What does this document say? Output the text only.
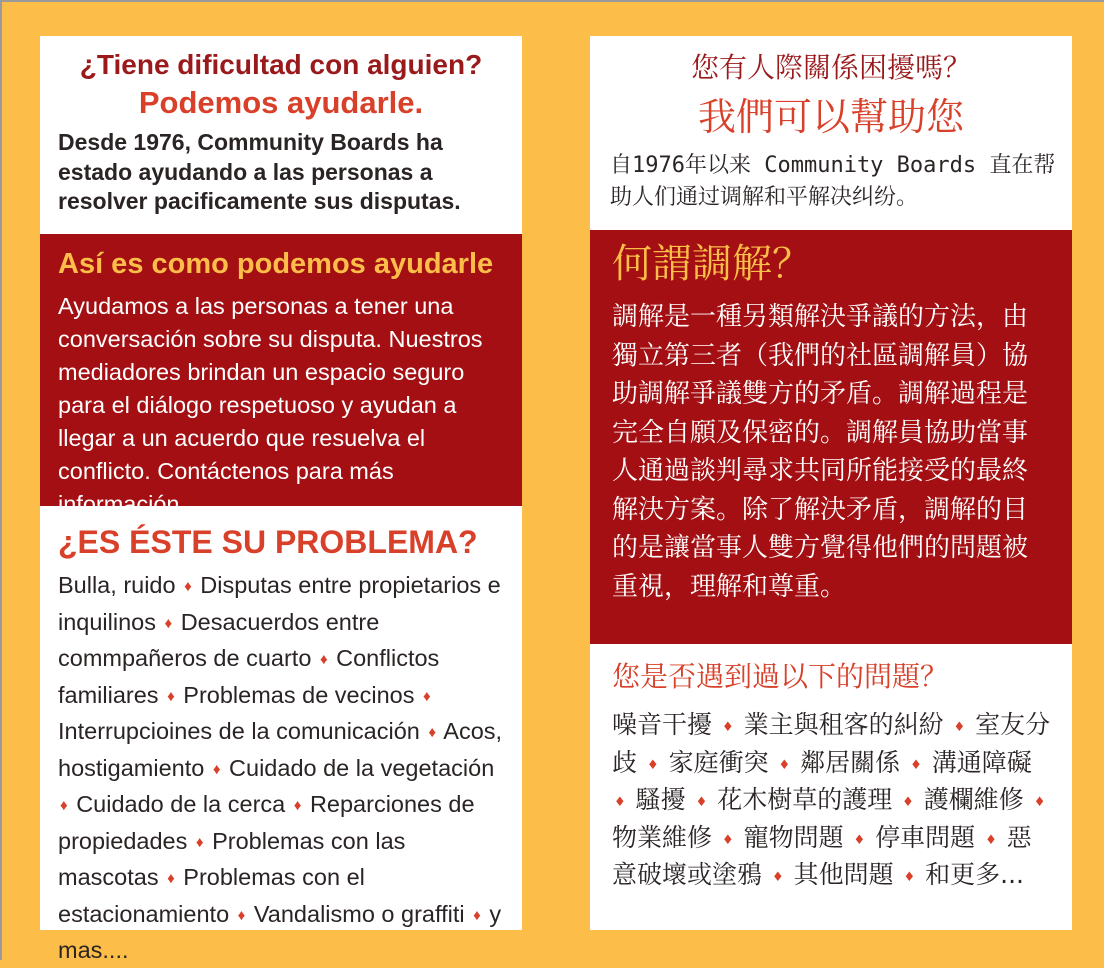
¿Tiene dificultad con alguien?
Podemos ayudarle.
Desde 1976, Community Boards ha estado ayudando a las personas a resolver pacificamente sus disputas.
Así es como podemos ayudarle
Ayudamos a las personas a tener una conversación sobre su disputa. Nuestros mediadores brindan un espacio seguro para el diálogo respetuoso y ayudan a llegar a un acuerdo que resuelva el conflicto. Contáctenos para más información.
¿ES ÉSTE SU PROBLEMA?
Bulla, ruido ♦ Disputas entre propietarios e inquilinos ♦ Desacuerdos entre commpañeros de cuarto ♦ Conflictos familiares ♦ Problemas de vecinos ♦ Interrupcioines de la comunicación ♦ Acos, hostigamiento ♦ Cuidado de la vegetación ♦ Cuidado de la cerca ♦ Reparciones de propiedades ♦ Problemas con las mascotas ♦ Problemas con el estacionamiento ♦ Vandalismo o graffiti ♦ y mas....
您有人際關係困擾嗎？
我們可以幫助您
自1976年以来 Community Boards 直在帮助人们通过调解和平解决纠纷。
何謂調解？
調解是一種另類解決爭議的方法，由獨立第三者（我們的社區調解員）協助調解爭議雙方的矛盾。調解過程是完全自願及保密的。調解員協助當事人通過談判尋求共同所能接受的最終解決方案。除了解決矛盾，調解的目的是讓當事人雙方覺得他們的問題被重視，理解和尊重。
您是否遇到過以下的問題？
噪音干擾 ♦ 業主與租客的糾紛 ♦ 室友分歧 ♦ 家庭衝突 ♦ 鄰居關係 ♦ 溝通障礙 ♦ 騷擾 ♦ 花木樹草的護理 ♦ 護欄維修 ♦ 物業維修 ♦ 寵物問題 ♦ 停車問題 ♦ 惡意破壞或塗鴉 ♦ 其他問題 ♦ 和更多...
